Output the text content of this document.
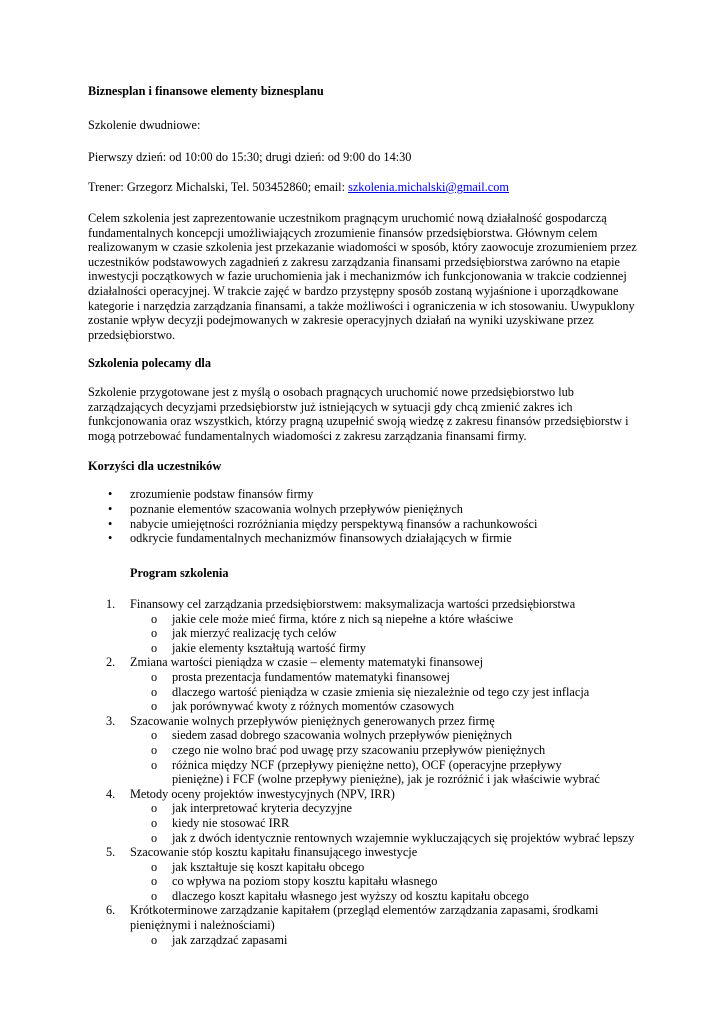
Biznesplan i finansowe elementy biznesplanu

Szkolenie dwudniowe:

Pierwszy dzień: od 10:00 do 15:30; drugi dzień: od 9:00 do 14:30

Trener: Grzegorz Michalski, Tel. 503452860; email: szkolenia.michalski@gmail.com

Celem szkolenia jest zaprezentowanie uczestnikom pragnącym uruchomić nową działalność gospodarczą fundamentalnych koncepcji umożliwiających zrozumienie finansów przedsiębiorstwa. Głównym celem realizowanym w czasie szkolenia jest przekazanie wiadomości w sposób, który zaowocuje zrozumieniem przez uczestników podstawowych zagadnień z zakresu zarządzania finansami przedsiębiorstwa zarówno na etapie inwestycji początkowych w fazie uruchomienia jak i mechanizmów ich funkcjonowania w trakcie codziennej działalności operacyjnej. W trakcie zajęć w bardzo przystępny sposób zostaną wyjaśnione i uporządkowane kategorie i narzędzia zarządzania finansami, a także możliwości i ograniczenia w ich stosowaniu. Uwypuklony zostanie wpływ decyzji podejmowanych w zakresie operacyjnych działań na wyniki uzyskiwane przez przedsiębiorstwo.

Szkolenia polecamy dla

Szkolenie przygotowane jest z myślą o osobach pragnących uruchomić nowe przedsiębiorstwo lub zarządzających decyzjami przedsiębiorstw już istniejących w sytuacji gdy chcą zmienić zakres ich funkcjonowania oraz wszystkich, którzy pragną uzupełnić swoją wiedzę z zakresu finansów przedsiębiorstw i mogą potrzebować fundamentalnych wiadomości z zakresu zarządzania finansami firmy.

Korzyści dla uczestników

• zrozumienie podstaw finansów firmy
• poznanie elementów szacowania wolnych przepływów pieniężnych
• nabycie umiejętności rozróżniania między perspektywą finansów a rachunkowości
• odkrycie fundamentalnych mechanizmów finansowych działających w firmie

Program szkolenia

1. Finansowy cel zarządzania przedsiębiorstwem: maksymalizacja wartości przedsiębiorstwa
o jakie cele może mieć firma, które z nich są niepełne a które właściwe
o jak mierzyć realizację tych celów
o jakie elementy kształtują wartość firmy
2. Zmiana wartości pieniądza w czasie – elementy matematyki finansowej
o prosta prezentacja fundamentów matematyki finansowej
o dlaczego wartość pieniądza w czasie zmienia się niezależnie od tego czy jest inflacja
o jak porównywać kwoty z różnych momentów czasowych
3. Szacowanie wolnych przepływów pieniężnych generowanych przez firmę
o siedem zasad dobrego szacowania wolnych przepływów pieniężnych
o czego nie wolno brać pod uwagę przy szacowaniu przepływów pieniężnych
o różnica między NCF (przepływy pieniężne netto), OCF (operacyjne przepływy pieniężne) i FCF (wolne przepływy pieniężne), jak je rozróżnić i jak właściwie wybrać
4. Metody oceny projektów inwestycyjnych (NPV, IRR)
o jak interpretować kryteria decyzyjne
o kiedy nie stosować IRR
o jak z dwóch identycznie rentownych wzajemnie wykluczających się projektów wybrać lepszy
5. Szacowanie stóp kosztu kapitału finansującego inwestycje
o jak kształtuje się koszt kapitału obcego
o co wpływa na poziom stopy kosztu kapitału własnego
o dlaczego koszt kapitału własnego jest wyższy od kosztu kapitału obcego
6. Krótkoterminowe zarządzanie kapitałem (przegląd elementów zarządzania zapasami, środkami pieniężnymi i należnościami)
o jak zarządzać zapasami
